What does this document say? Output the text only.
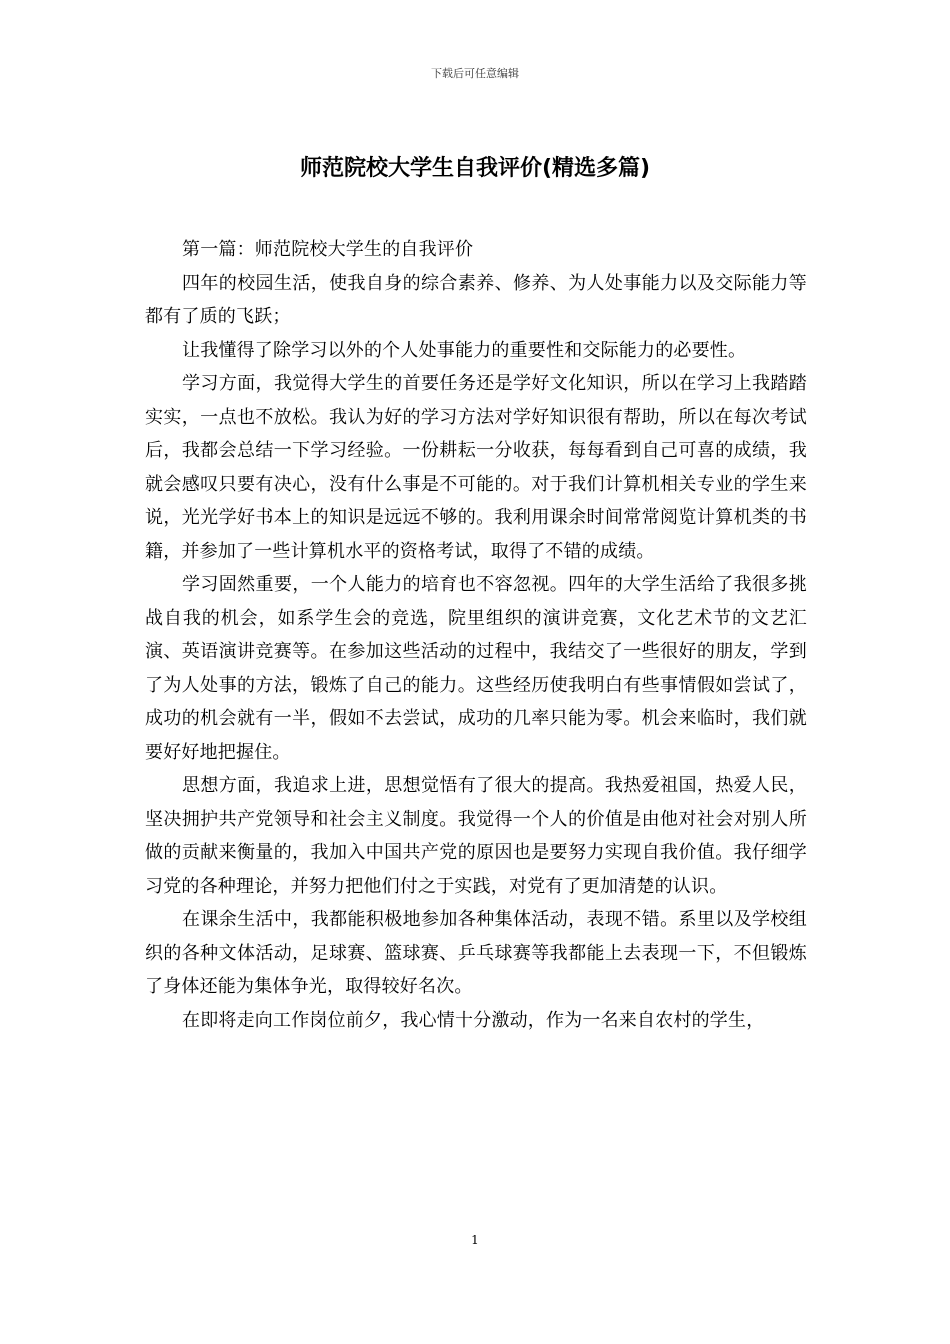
下载后可任意编辑
师范院校大学生自我评价(精选多篇)

第一篇：师范院校大学生的自我评价

四年的校园生活，使我自身的综合素养、修养、为人处事能力以及交际能力等都有了质的飞跃；

让我懂得了除学习以外的个人处事能力的重要性和交际能力的必要性。

学习方面，我觉得大学生的首要任务还是学好文化知识，所以在学习上我踏踏实实，一点也不放松。我认为好的学习方法对学好知识很有帮助，所以在每次考试后，我都会总结一下学习经验。一份耕耘一分收获，每每看到自己可喜的成绩，我就会感叹只要有决心，没有什么事是不可能的。对于我们计算机相关专业的学生来说，光光学好书本上的知识是远远不够的。我利用课余时间常常阅览计算机类的书籍，并参加了一些计算机水平的资格考试，取得了不错的成绩。

学习固然重要，一个人能力的培育也不容忽视。四年的大学生活给了我很多挑战自我的机会，如系学生会的竞选，院里组织的演讲竞赛，文化艺术节的文艺汇演、英语演讲竞赛等。在参加这些活动的过程中，我结交了一些很好的朋友，学到了为人处事的方法，锻炼了自己的能力。这些经历使我明白有些事情假如尝试了，成功的机会就有一半，假如不去尝试，成功的几率只能为零。机会来临时，我们就要好好地把握住。

思想方面，我追求上进，思想觉悟有了很大的提高。我热爱祖国，热爱人民，坚决拥护共产党领导和社会主义制度。我觉得一个人的价值是由他对社会对别人所做的贡献来衡量的，我加入中国共产党的原因也是要努力实现自我价值。我仔细学习党的各种理论，并努力把他们付之于实践，对党有了更加清楚的认识。

在课余生活中，我都能积极地参加各种集体活动，表现不错。系里以及学校组织的各种文体活动，足球赛、篮球赛、乒乓球赛等我都能上去表现一下，不但锻炼了身体还能为集体争光，取得较好名次。

在即将走向工作岗位前夕，我心情十分激动，作为一名来自农村的学生，

1
